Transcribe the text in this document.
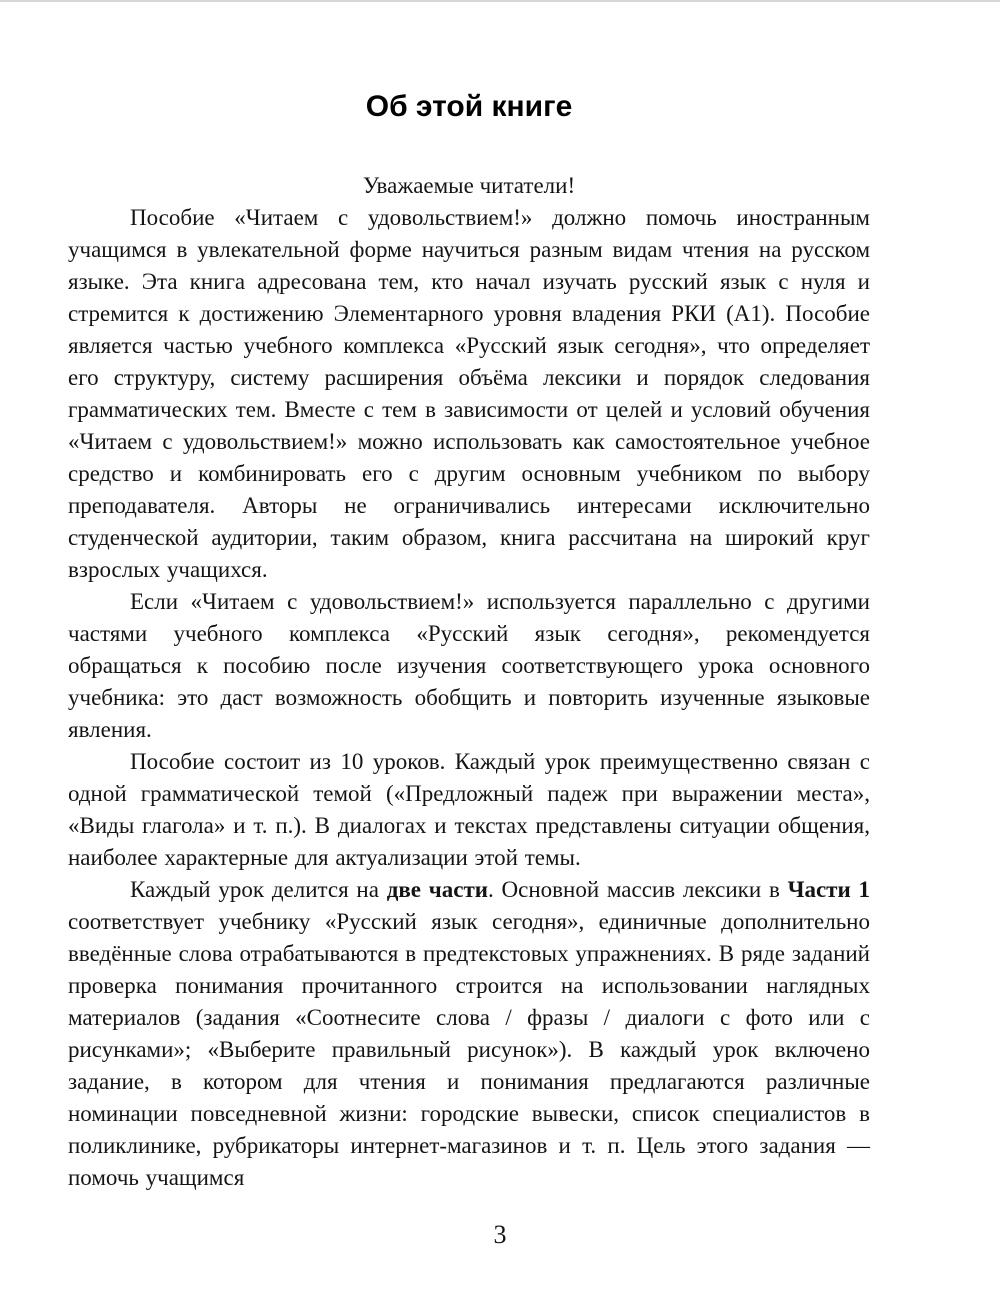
Об этой книге
Уважаемые читатели!

Пособие «Читаем с удовольствием!» должно помочь иностранным учащимся в увлекательной форме научиться разным видам чтения на русском языке. Эта книга адресована тем, кто начал изучать русский язык с нуля и стремится к достижению Элементарного уровня владения РКИ (А1). Пособие является частью учебного комплекса «Русский язык сегодня», что определяет его структуру, систему расширения объёма лексики и порядок следования грамматических тем. Вместе с тем в зависимости от целей и условий обучения «Читаем с удовольствием!» можно использовать как самостоятельное учебное средство и комбинировать его с другим основным учебником по выбору преподавателя. Авторы не ограничивались интересами исключительно студенческой аудитории, таким образом, книга рассчитана на широкий круг взрослых учащихся.

Если «Читаем с удовольствием!» используется параллельно с другими частями учебного комплекса «Русский язык сегодня», рекомендуется обращаться к пособию после изучения соответствующего урока основного учебника: это даст возможность обобщить и повторить изученные языковые явления.

Пособие состоит из 10 уроков. Каждый урок преимущественно связан с одной грамматической темой («Предложный падеж при выражении места», «Виды глагола» и т. п.). В диалогах и текстах представлены ситуации общения, наиболее характерные для актуализации этой темы.

Каждый урок делится на две части. Основной массив лексики в Части 1 соответствует учебнику «Русский язык сегодня», единичные дополнительно введённые слова отрабатываются в предтекстовых упражнениях. В ряде заданий проверка понимания прочитанного строится на использовании наглядных материалов (задания «Соотнесите слова / фразы / диалоги с фото или с рисунками»; «Выберите правильный рисунок»). В каждый урок включено задание, в котором для чтения и понимания предлагаются различные номинации повседневной жизни: городские вывески, список специалистов в поликлинике, рубрикаторы интернет-магазинов и т. п. Цель этого задания — помочь учащимся

3
